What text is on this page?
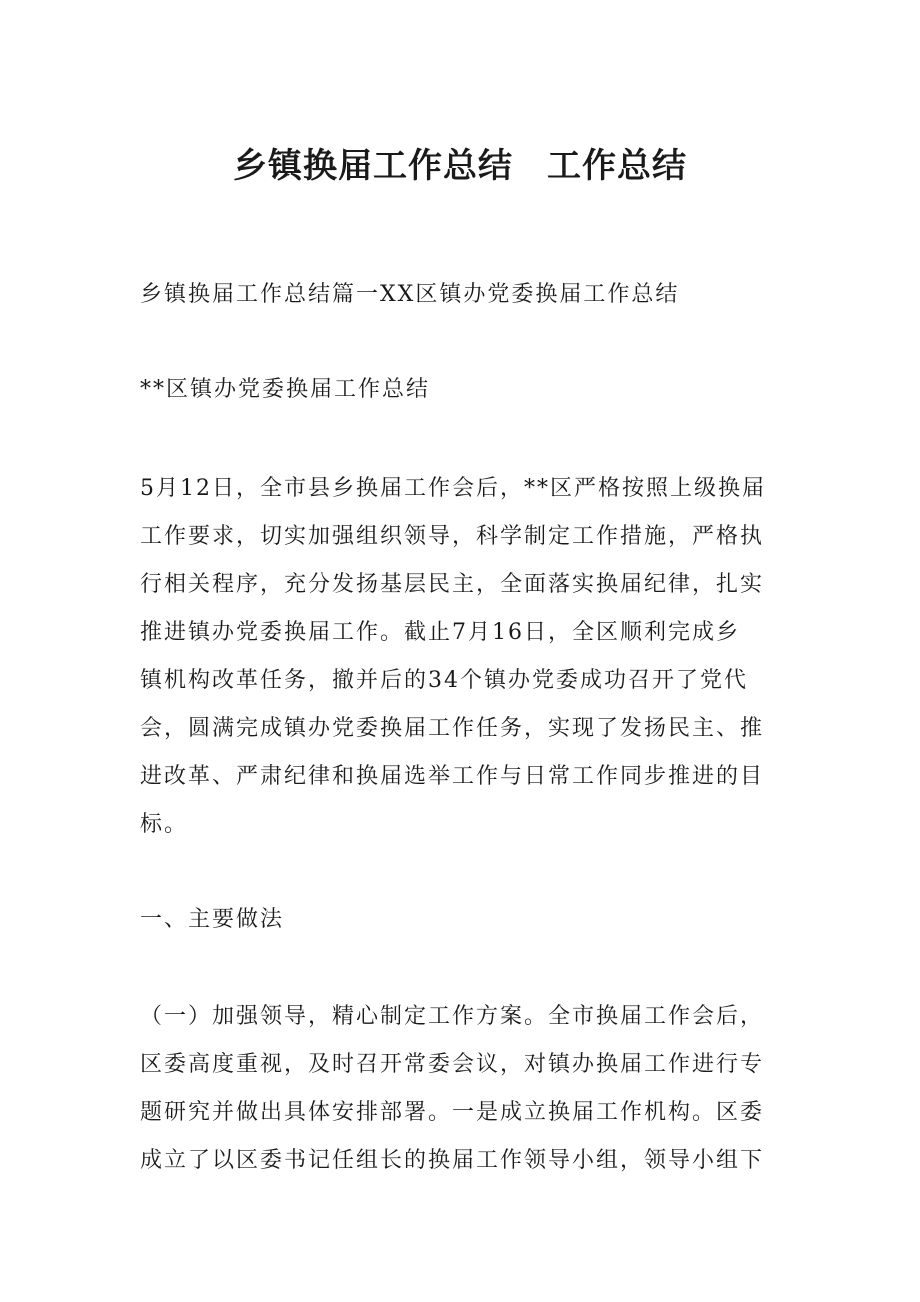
乡镇换届工作总结 工作总结

乡镇换届工作总结篇一XX区镇办党委换届工作总结

**区镇办党委换届工作总结

5月12日，全市县乡换届工作会后，**区严格按照上级换届
工作要求，切实加强组织领导，科学制定工作措施，严格执
行相关程序，充分发扬基层民主，全面落实换届纪律，扎实
推进镇办党委换届工作。截止7月16日，全区顺利完成乡
镇机构改革任务，撤并后的34个镇办党委成功召开了党代
会，圆满完成镇办党委换届工作任务，实现了发扬民主、推
进改革、严肃纪律和换届选举工作与日常工作同步推进的目
标。

一、主要做法

（一）加强领导，精心制定工作方案。全市换届工作会后，
区委高度重视，及时召开常委会议，对镇办换届工作进行专
题研究并做出具体安排部署。一是成立换届工作机构。区委
成立了以区委书记任组长的换届工作领导小组，领导小组下
